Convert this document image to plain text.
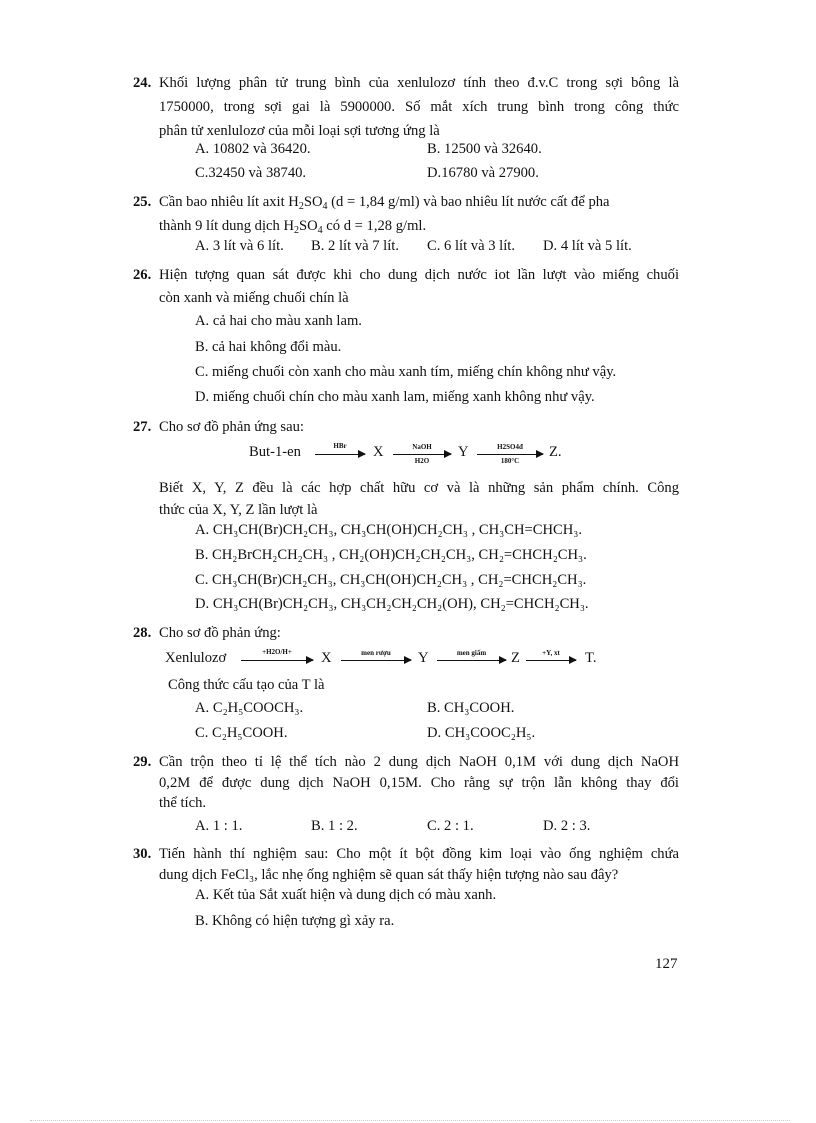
24. Khối lượng phân tử trung bình của xenlulozơ tính theo đ.v.C trong sợi bông là
1750000, trong sợi gai là 5900000. Số mắt xích trung bình trong công thức
phân tử xenlulozơ của mỗi loại sợi tương ứng là
A. 10802 và 36420.	B. 12500 và 32640.
C.32450 và 38740.	D.16780 và 27900.
25. Cần bao nhiêu lít axit $H_2SO_4$ (d = 1,84 g/ml) và bao nhiêu lít nước cất để pha
thành 9 lít dung dịch $H_2SO_4$ có d = 1,28 g/ml.
A. 3 lít và 6 lít. B. 2 lít và 7 lít. C. 6 lít và 3 lít. D. 4 lít và 5 lít.
26. Hiện tượng quan sát được khi cho dung dịch nước iot lần lượt vào miếng chuối
còn xanh và miếng chuối chín là
A. cả hai cho màu xanh lam.
B. cả hai không đổi màu.
C. miếng chuối còn xanh cho màu xanh tím, miếng chín không như vậy.
D. miếng chuối chín cho màu xanh lam, miếng xanh không như vậy.
27. Cho sơ đồ phản ứng sau:
But-1-en →
HBr	X →
NaOH
H2O
Y	H2SO4đ
180°C
Z.
Biết X, Y, Z đều là các hợp chất hữu cơ và là những sản phẩm chính. Công
thức của X, Y, Z lần lượt là
A. CH₃CH(Br)CH₂CH₃, CH₃CH(OH)CH₂CH₃ , CH₃CH=CHCH₃.
B. CH₂BrCH₂CH₂CH₃ , CH₂(OH)CH₂CH₂CH₃, CH₂=CHCH₂CH₃.
C. CH₃CH(Br)CH₂CH₃, CH₃CH(OH)CH₂CH₃ , CH₂=CHCH₂CH₃.
D. CH₃CH(Br)CH₂CH₃, CH₃CH₂CH₂CH₂(OH), CH₂=CHCH₂CH₃.
28. Cho sơ đồ phản ứng:
Xenlulozơ	+H2O/H+	X	men rượu	Y	men giấm	Z →
+Y, xt	T.
Công thức cấu tạo của T là
A. C₂H₅COOCH₃.	B. CH₃COOH.
C. C₂H₅COOH.	D. CH₃COOC₂H₅.
29. Cần trộn theo tỉ lệ thể tích nào 2 dung dịch NaOH 0,1M với dung dịch NaOH
0,2M để được dung dịch NaOH 0,15M. Cho rằng sự trộn lẫn không thay đổi
thể tích.
A. 1 : 1.	B. 1 : 2.	C. 2 : 1.	D. 2 : 3.
30. Tiến hành thí nghiệm sau: Cho một ít bột đồng kim loại vào ống nghiệm chứa
dung dịch FeCl₃, lắc nhẹ ống nghiệm sẽ quan sát thấy hiện tượng nào sau đây?
A. Kết tủa Sắt xuất hiện và dung dịch có màu xanh.
B. Không có hiện tượng gì xảy ra.
127
